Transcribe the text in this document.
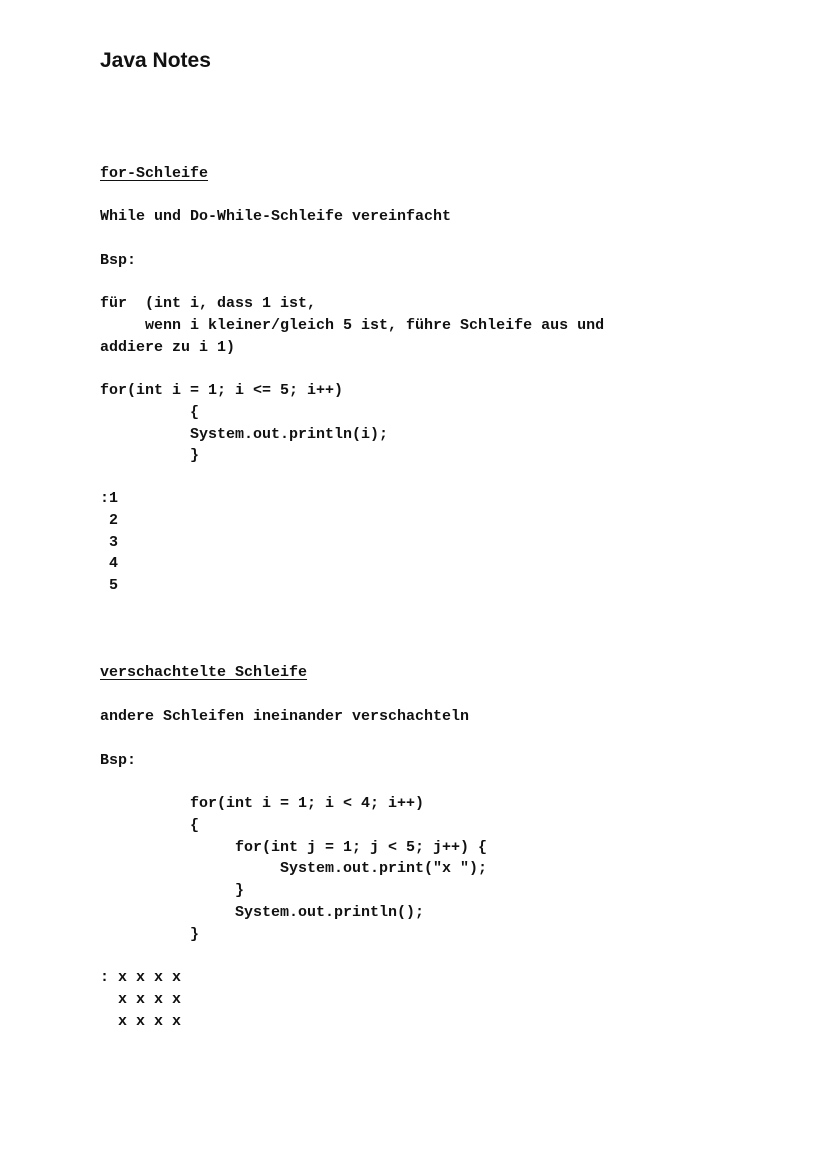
Java Notes
for-Schleife
While und Do-While-Schleife vereinfacht
Bsp:
für  (int i, dass 1 ist,
wenn i kleiner/gleich 5 ist, führe Schleife aus und
addiere zu i 1)
for(int i = 1; i <= 5; i++)
{
System.out.println(i);
}
:1
2
3
4
5
verschachtelte Schleife
andere Schleifen ineinander verschachteln
Bsp:
for(int i = 1; i < 4; i++)
{
for(int j = 1; j < 5; j++) {
System.out.print("x ");
}
System.out.println();
}
: x x x x
x x x x
x x x x
